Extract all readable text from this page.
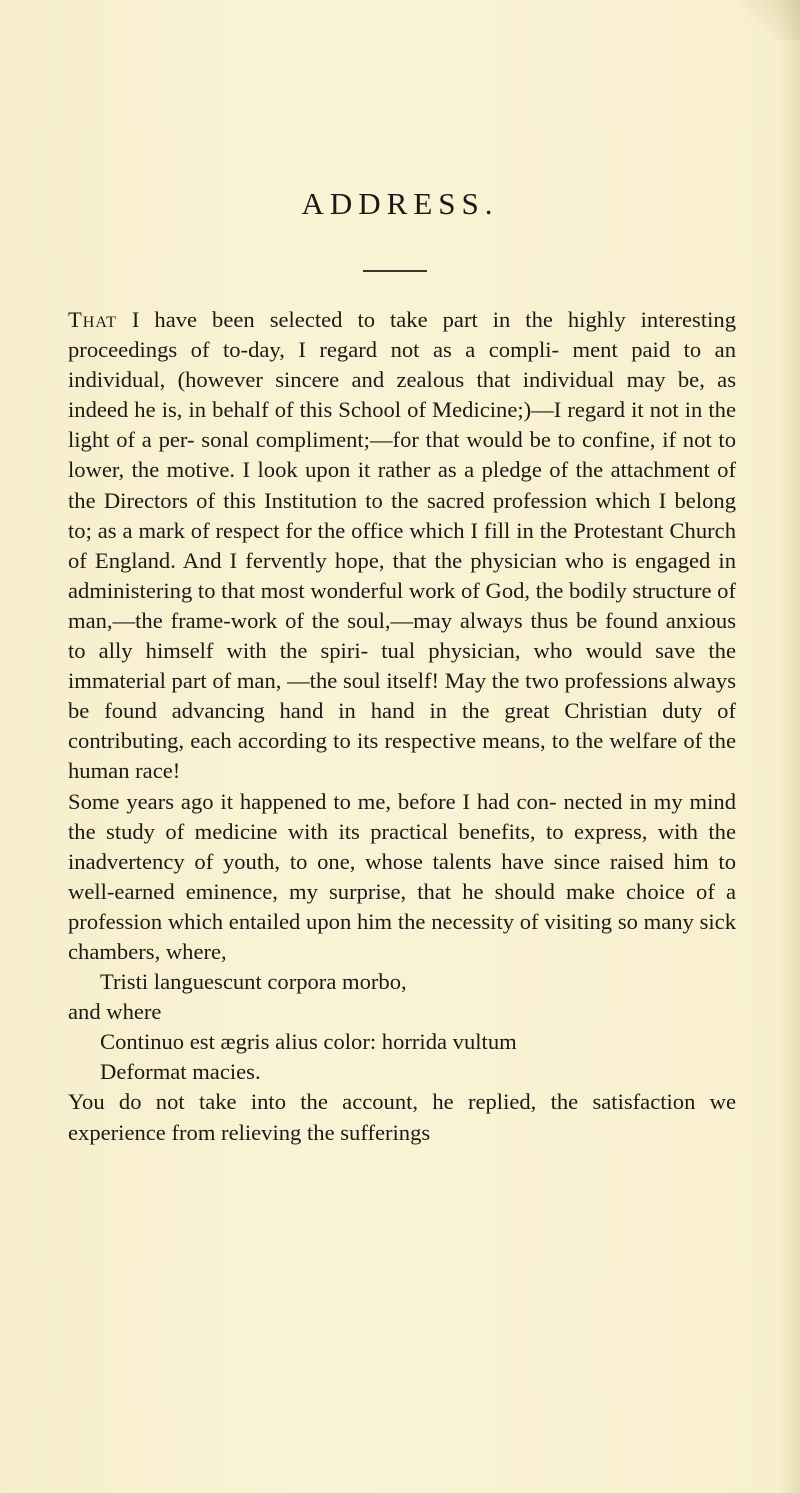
ADDRESS.

That I have been selected to take part in the highly interesting proceedings of to-day, I regard not as a compli- ment paid to an individual, (however sincere and zealous that individual may be, as indeed he is, in behalf of this School of Medicine;)—I regard it not in the light of a per- sonal compliment;—for that would be to confine, if not to lower, the motive. I look upon it rather as a pledge of the attachment of the Directors of this Institution to the sacred profession which I belong to; as a mark of respect for the office which I fill in the Protestant Church of England. And I fervently hope, that the physician who is engaged in administering to that most wonderful work of God, the bodily structure of man,—the frame-work of the soul,—may always thus be found anxious to ally himself with the spiri- tual physician, who would save the immaterial part of man, —the soul itself! May the two professions always be found advancing hand in hand in the great Christian duty of contributing, each according to its respective means, to the welfare of the human race!

Some years ago it happened to me, before I had con- nected in my mind the study of medicine with its practical benefits, to express, with the inadvertency of youth, to one, whose talents have since raised him to well-earned eminence, my surprise, that he should make choice of a profession which entailed upon him the necessity of visiting so many sick chambers, where,

Tristi languescunt corpora morbo,

and where

Continuo est ægris alius color: horrida vultum

Deformat macies.

You do not take into the account, he replied, the satisfaction we experience from relieving the sufferings
